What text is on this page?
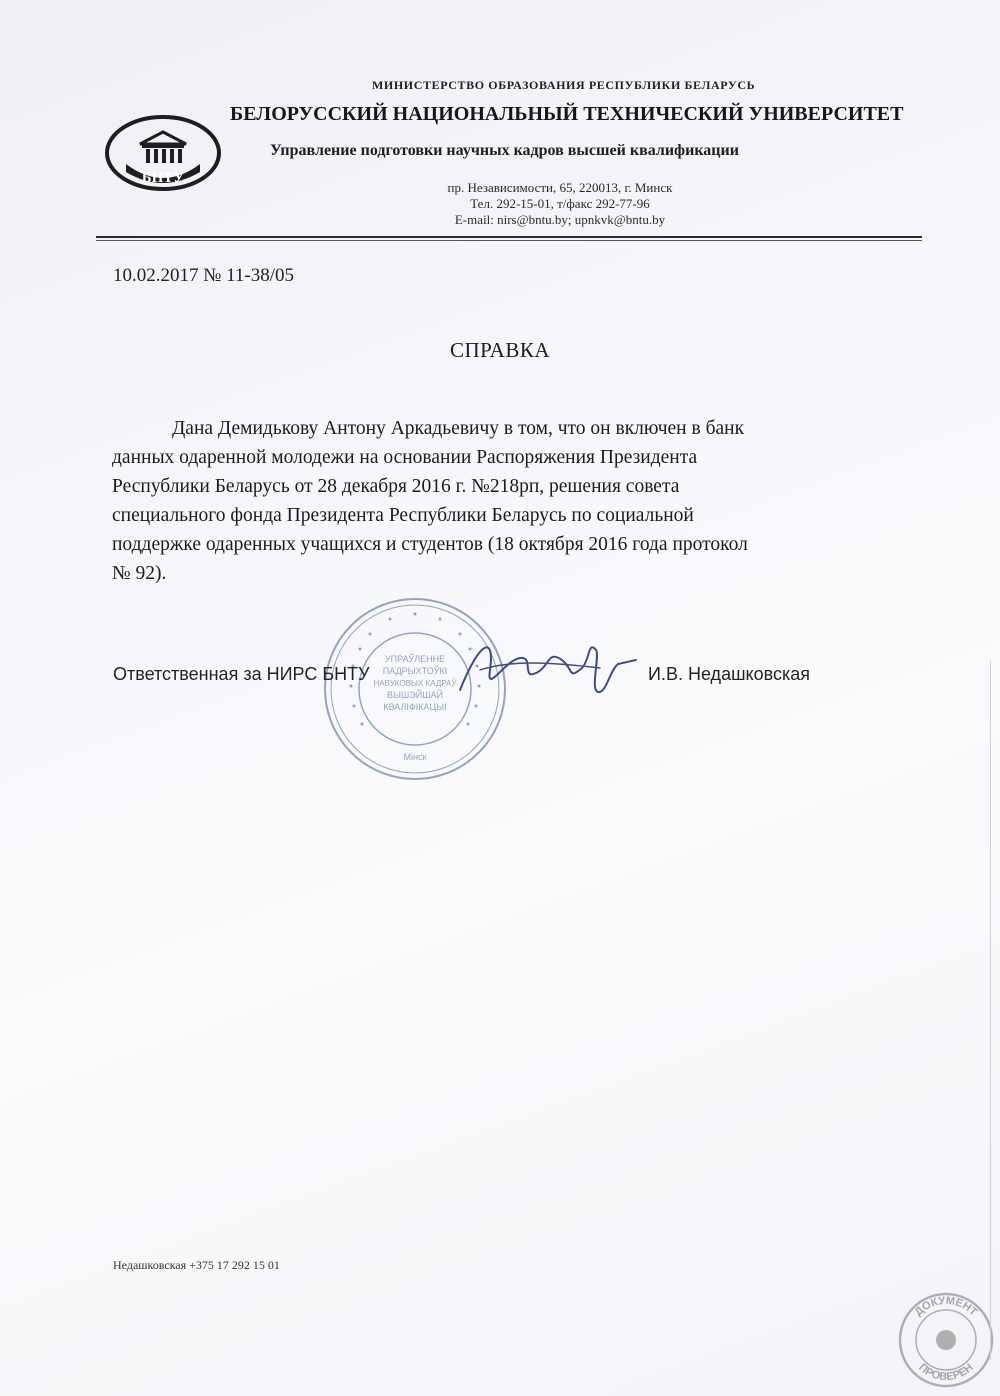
МИНИСТЕРСТВО ОБРАЗОВАНИЯ РЕСПУБЛИКИ БЕЛАРУСЬ
БНТУ
БЕЛОРУССКИЙ НАЦИОНАЛЬНЫЙ ТЕХНИЧЕСКИЙ УНИВЕРСИТЕТ
Управление подготовки научных кадров высшей квалификации
пр. Независимости, 65, 220013, г. Минск
Тел. 292-15-01, т/факс 292-77-96
E-mail: nirs@bntu.by; upnkvk@bntu.by
10.02.2017 № 11-38/05
СПРАВКА
Дана Демидькову Антону Аркадьевичу в том, что он включен в банк
данных одаренной молодежи на основании Распоряжения Президента
Республики Беларусь от 28 декабря 2016 г. №218рп, решения совета
специального фонда Президента Республики Беларусь по социальной
поддержке одаренных учащихся и студентов (18 октября 2016 года протокол
№ 92).
УПРАЎЛЕННЕ
ПАДРЫХТОЎКІ
НАВУКОВЫХ КАДРАЎ
ВЫШЭЙШАЙ
КВАЛІФІКАЦЫІ
Мінск
Ответственная за НИРС БНТУ	И.В. Недашковская
Недашковская +375 17 292 15 01
ДОКУМЕНТ
ПРОВЕРЕН
